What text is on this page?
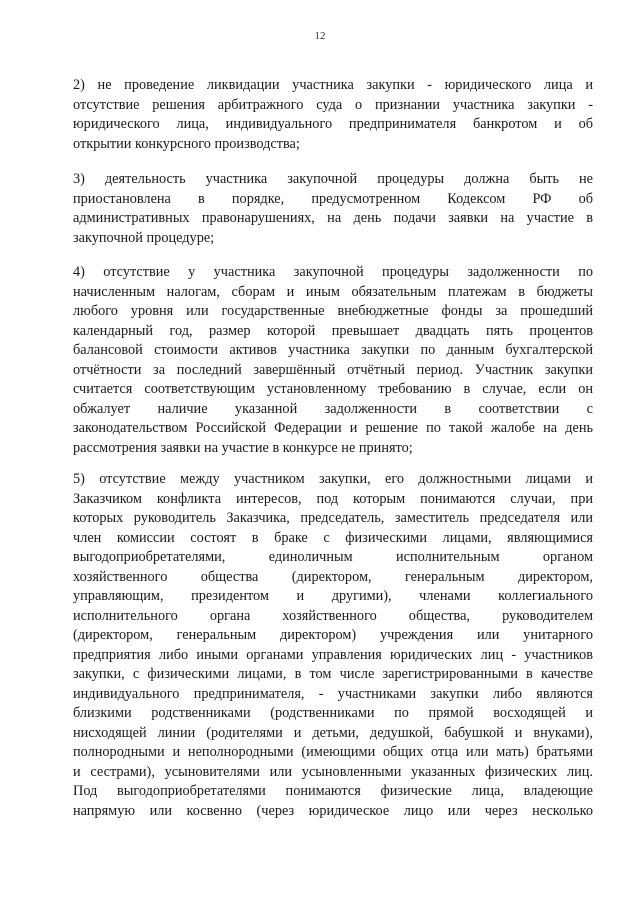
12
2) не проведение ликвидации участника закупки - юридического лица и
отсутствие решения арбитражного суда о признании участника закупки -
юридического лица, индивидуального предпринимателя банкротом и об
открытии конкурсного производства;
3) деятельность участника закупочной процедуры должна быть не
приостановлена в порядке, предусмотренном Кодексом РФ об
административных правонарушениях, на день подачи заявки на участие в
закупочной процедуре;
4) отсутствие у участника закупочной процедуры задолженности по
начисленным налогам, сборам и иным обязательным платежам в бюджеты
любого уровня или государственные внебюджетные фонды за прошедший
календарный год, размер которой превышает двадцать пять процентов
балансовой стоимости активов участника закупки по данным бухгалтерской
отчётности за последний завершённый отчётный период. Участник закупки
считается соответствующим установленному требованию в случае, если он
обжалует наличие указанной задолженности в соответствии с
законодательством Российской Федерации и решение по такой жалобе на день
рассмотрения заявки на участие в конкурсе не принято;
5) отсутствие между участником закупки, его должностными лицами и
Заказчиком конфликта интересов, под которым понимаются случаи, при
которых руководитель Заказчика, председатель, заместитель председателя или
член комиссии состоят в браке с физическими лицами, являющимися
выгодоприобретателями, единоличным исполнительным органом
хозяйственного общества (директором, генеральным директором,
управляющим, президентом и другими), членами коллегиального
исполнительного органа хозяйственного общества, руководителем
(директором, генеральным директором) учреждения или унитарного
предприятия либо иными органами управления юридических лиц - участников
закупки, с физическими лицами, в том числе зарегистрированными в качестве
индивидуального предпринимателя, - участниками закупки либо являются
близкими родственниками (родственниками по прямой восходящей и
нисходящей линии (родителями и детьми, дедушкой, бабушкой и внуками),
полнородными и неполнородными (имеющими общих отца или мать) братьями
и сестрами), усыновителями или усыновленными указанных физических лиц.
Под выгодоприобретателями понимаются физические лица, владеющие
напрямую или косвенно (через юридическое лицо или через несколько
